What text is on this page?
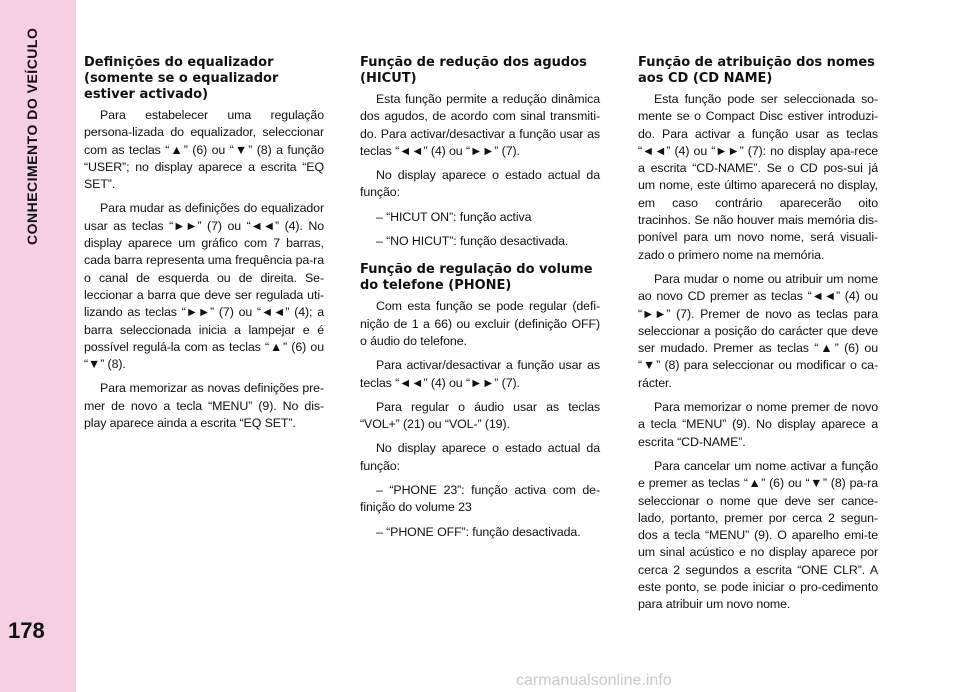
CONHECIMENTO DO VEÍCULO
178
Definições do equalizador (somente se o equalizador estiver activado)

Para estabelecer uma regulação persona-lizada do equalizador, seleccionar com as teclas “▲” (6) ou “▼” (8) a função “USER”; no display aparece a escrita “EQ SET”.

Para mudar as definições do equalizador usar as teclas “►►” (7) ou “◄◄” (4). No display aparece um gráfico com 7 barras, cada barra representa uma frequência pa-ra o canal de esquerda ou de direita. Se-leccionar a barra que deve ser regulada uti-lizando as teclas “►►” (7) ou “◄◄” (4); a barra seleccionada inicia a lampejar e é possível regulá-la com as teclas “▲” (6) ou “▼” (8).

Para memorizar as novas definições pre-mer de novo a tecla “MENU” (9). No dis-play aparece ainda a escrita “EQ SET”.

Função de redução dos agudos (HICUT)

Esta função permite a redução dinâmica dos agudos, de acordo com sinal transmiti-do. Para activar/desactivar a função usar as teclas “◄◄” (4) ou “►►” (7).

No display aparece o estado actual da função:

– “HICUT ON”: função activa

– “NO HICUT”: função desactivada.

Função de regulação do volume do telefone (PHONE)

Com esta função se pode regular (defi-nição de 1 a 66) ou excluir (definição OFF) o áudio do telefone.

Para activar/desactivar a função usar as teclas “◄◄” (4) ou “►►” (7).

Para regular o áudio usar as teclas “VOL+” (21) ou “VOL-” (19).

No display aparece o estado actual da função:

– “PHONE 23”: função activa com de-finição do volume 23

– “PHONE OFF”: função desactivada.

Função de atribuição dos nomes aos CD (CD NAME)

Esta função pode ser seleccionada so-mente se o Compact Disc estiver introduzi-do. Para activar a função usar as teclas “◄◄” (4) ou “►►” (7): no display apa-rece a escrita “CD-NAME”. Se o CD pos-sui já um nome, este último aparecerá no display, em caso contrário aparecerão oito tracinhos. Se não houver mais memória dis-ponível para um novo nome, será visuali-zado o primero nome na memória.

Para mudar o nome ou atribuir um nome ao novo CD premer as teclas “◄◄” (4) ou “►►” (7). Premer de novo as teclas para seleccionar a posição do carácter que deve ser mudado. Premer as teclas “▲” (6) ou “▼” (8) para seleccionar ou modificar o ca-rácter.

Para memorizar o nome premer de novo a tecla “MENU” (9). No display aparece a escrita “CD-NAME”.

Para cancelar um nome activar a função e premer as teclas “▲” (6) ou “▼” (8) pa-ra seleccionar o nome que deve ser cance-lado, portanto, premer por cerca 2 segun-dos a tecla “MENU” (9). O aparelho emi-te um sinal acústico e no display aparece por cerca 2 segundos a escrita “ONE CLR”. A este ponto, se pode iniciar o pro-cedimento para atribuir um novo nome.

carmanualsonline.info
